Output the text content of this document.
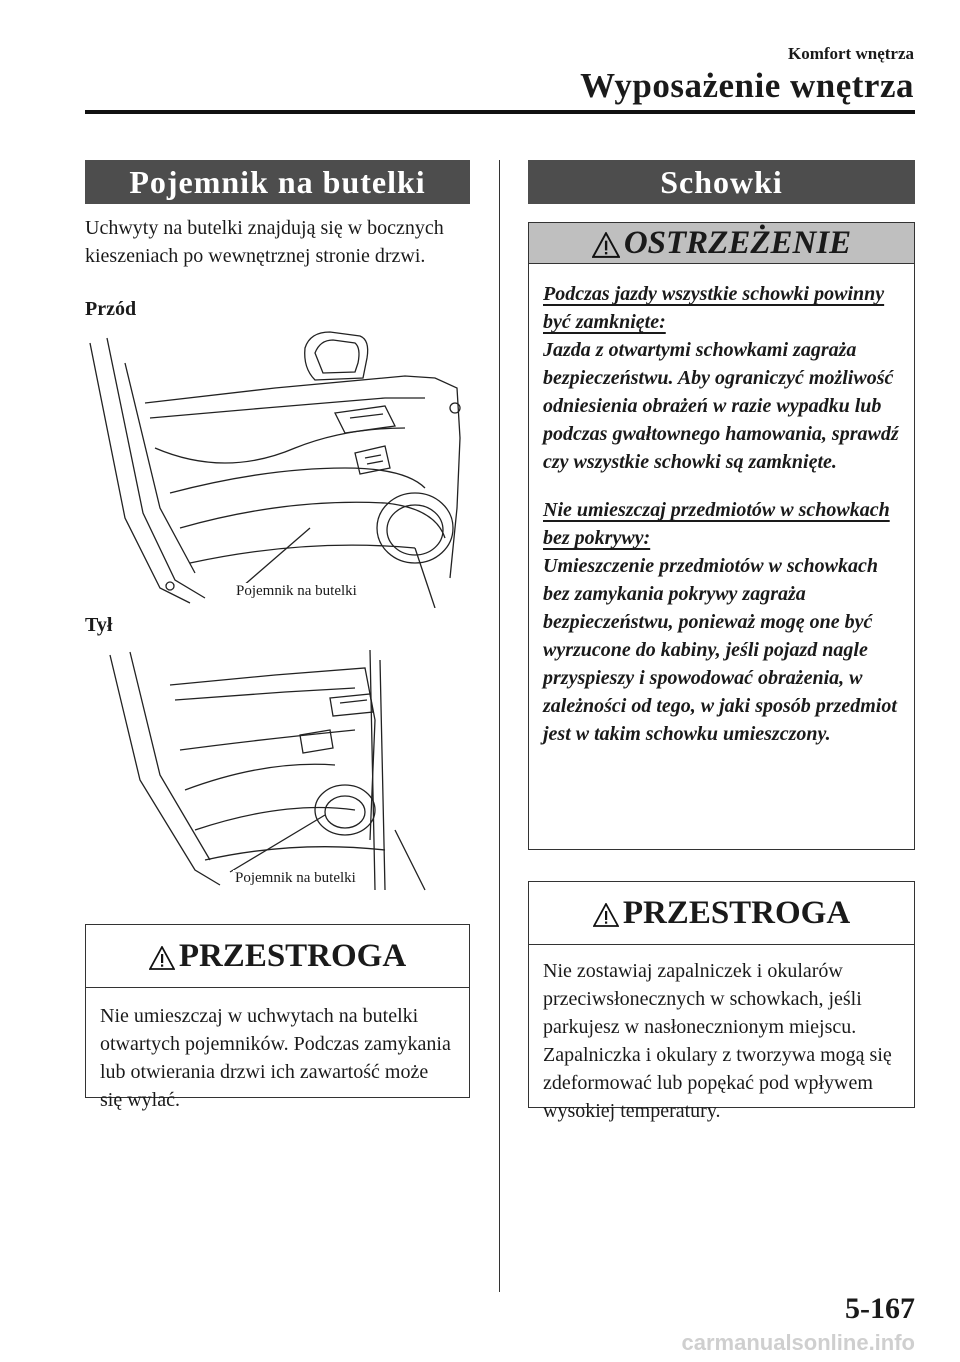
Komfort wnętrza
Wyposażenie wnętrza
Pojemnik na butelki
Uchwyty na butelki znajdują się w bocznych kieszeniach po wewnętrznej stronie drzwi.
Przód
Pojemnik na butelki
Tył
Pojemnik na butelki
PRZESTROGA
Nie umieszczaj w uchwytach na butelki otwartych pojemników. Podczas zamykania lub otwierania drzwi ich zawartość może się wylać.
Schowki
OSTRZEŻENIE
Podczas jazdy wszystkie schowki powinny być zamknięte:
Jazda z otwartymi schowkami zagraża bezpieczeństwu. Aby ograniczyć możliwość odniesienia obrażeń w razie wypadku lub podczas gwałtownego hamowania, sprawdź czy wszystkie schowki są zamknięte.
Nie umieszczaj przedmiotów w schowkach bez pokrywy:
Umieszczenie przedmiotów w schowkach bez zamykania pokrywy zagraża bezpieczeństwu, ponieważ mogę one być wyrzucone do kabiny, jeśli pojazd nagle przyspieszy i spowodować obrażenia, w zależności od tego, w jaki sposób przedmiot jest w takim schowku umieszczony.
PRZESTROGA
Nie zostawiaj zapalniczek i okularów przeciwsłonecznych w schowkach, jeśli parkujesz w nasłonecznionym miejscu. Zapalniczka i okulary z tworzywa mogą się zdeformować lub popękać pod wpływem wysokiej temperatury.
5-167
carmanualsonline.info
